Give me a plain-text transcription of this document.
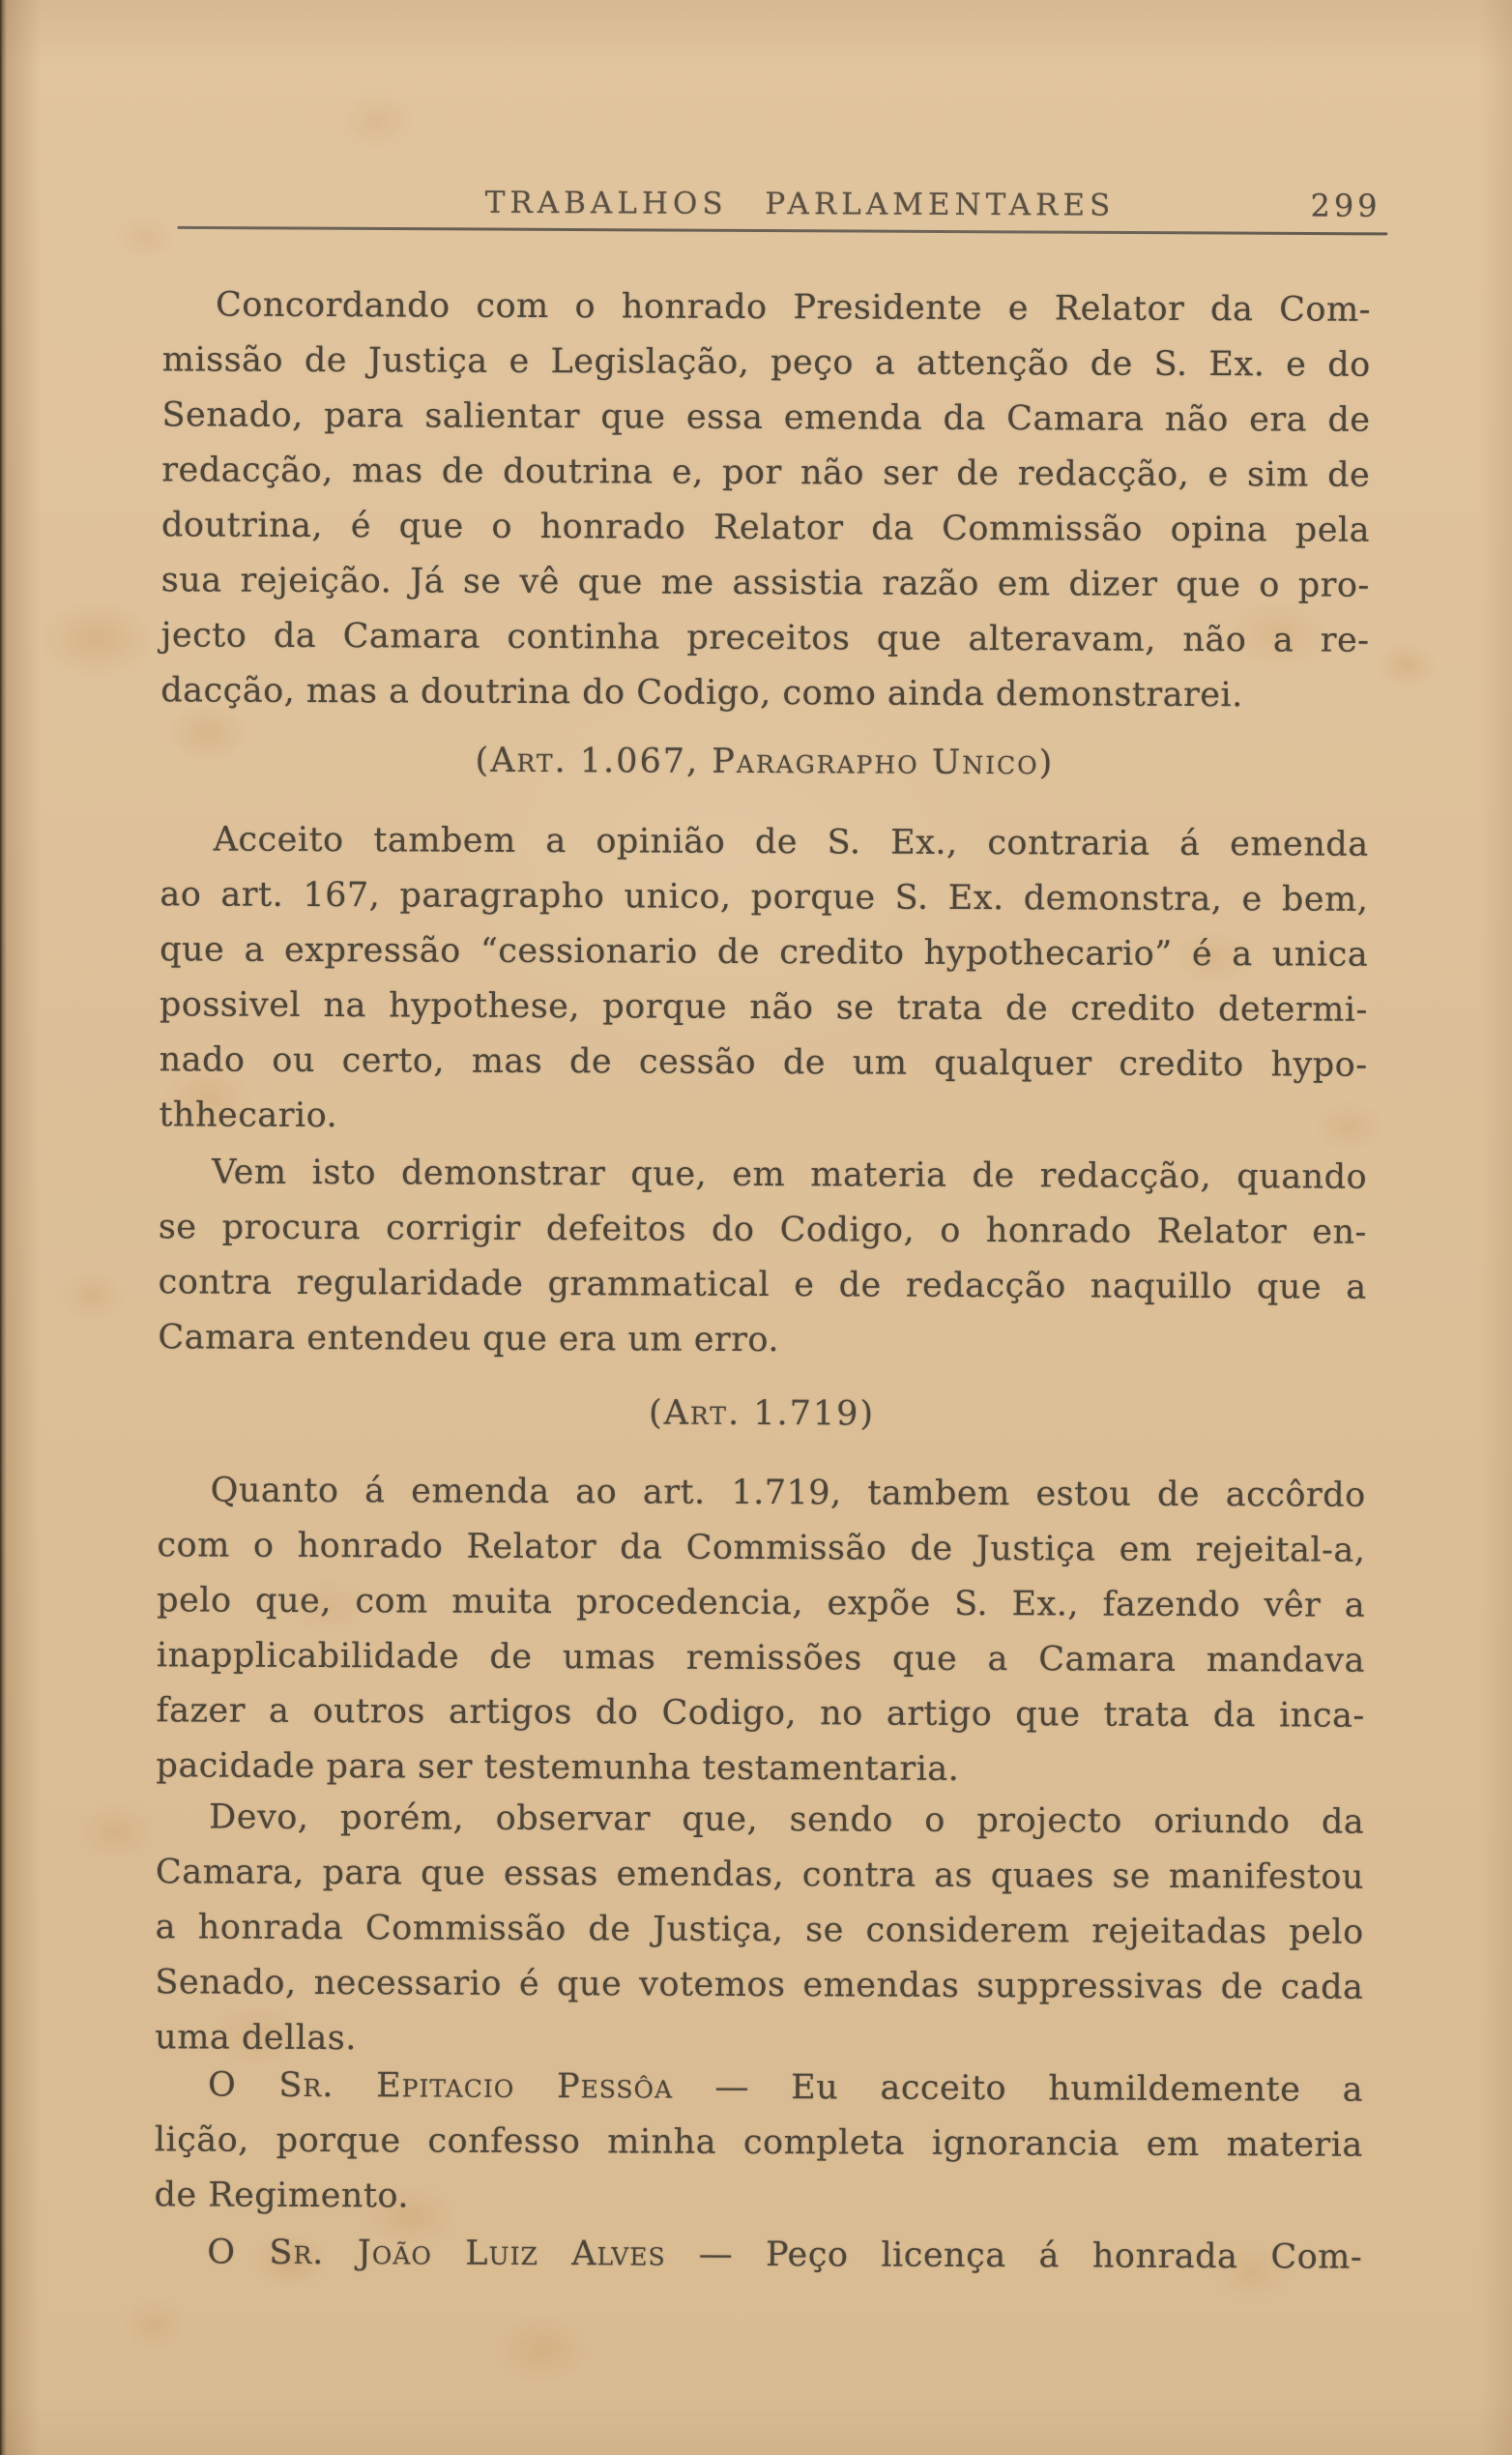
TRABALHOS PARLAMENTARES	299
Concordando com o honrado Presidente e Relator da Com-
missão de Justiça e Legislação, peço a attenção de S. Ex. e do
Senado, para salientar que essa emenda da Camara não era de
redacção, mas de doutrina e, por não ser de redacção, e sim de
doutrina, é que o honrado Relator da Commissão opina pela
sua rejeição. Já se vê que me assistia razão em dizer que o pro-
jecto da Camara continha preceitos que alteravam, não a re-
dacção, mas a doutrina do Codigo, como ainda demonstrarei.
(Art. 1.067, Paragrapho Unico)
Acceito tambem a opinião de S. Ex., contraria á emenda
ao art. 167, paragrapho unico, porque S. Ex. demonstra, e bem,
que a expressão “cessionario de credito hypothecario” é a unica
possivel na hypothese, porque não se trata de credito determi-
nado ou certo, mas de cessão de um qualquer credito hypo-
thhecario.
Vem isto demonstrar que, em materia de redacção, quando
se procura corrigir defeitos do Codigo, o honrado Relator en-
contra regularidade grammatical e de redacção naquillo que a
Camara entendeu que era um erro.
(Art. 1.719)
Quanto á emenda ao art. 1.719, tambem estou de accôrdo
com o honrado Relator da Commissão de Justiça em rejeital-a,
pelo que, com muita procedencia, expõe S. Ex., fazendo vêr a
inapplicabilidade de umas remissões que a Camara mandava
fazer a outros artigos do Codigo, no artigo que trata da inca-
pacidade para ser testemunha testamentaria.
Devo, porém, observar que, sendo o projecto oriundo da
Camara, para que essas emendas, contra as quaes se manifestou
a honrada Commissão de Justiça, se considerem rejeitadas pelo
Senado, necessario é que votemos emendas suppressivas de cada
uma dellas.
O Sr. Epitacio Pessôa — Eu acceito humildemente a
lição, porque confesso minha completa ignorancia em materia
de Regimento.
O Sr. João Luiz Alves — Peço licença á honrada Com-
